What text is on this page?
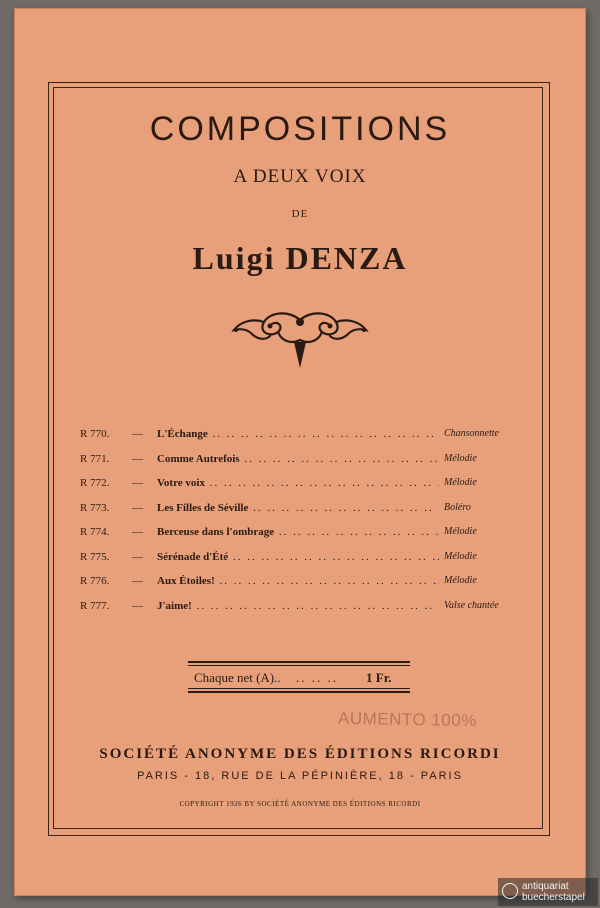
COMPOSITIONS
A DEUX VOIX
DE
Luigi DENZA
R 770.	—	L'Échange .. ..	Chansonnette
R 771.	—	Comme Autrefois .. ..	Mélodie
R 772.	—	Votre voix .. ..	Mélodie
R 773.	—	Les Filles de Séville .. ..	Boléro
R 774.	—	Berceuse dans l'ombrage .. ..	Mélodie
R 775.	—	Sérénade d'Été .. ..	Mélodie
R 776.	—	Aux Étoiles! .. ..	Mélodie
R 777.	—	J'aime! .. ..	Valse chantée
Chaque net (A).. .. .. .. 1 Fr.
AUMENTO 100%
SOCIÉTÉ ANONYME DES ÉDITIONS RICORDI
PARIS - 18, RUE DE LA PÉPINIÈRE, 18 - PARIS
COPYRIGHT 1926 BY SOCIÉTÉ ANONYME DES ÉDITIONS RICORDI
antiquariat
buecherstapel
